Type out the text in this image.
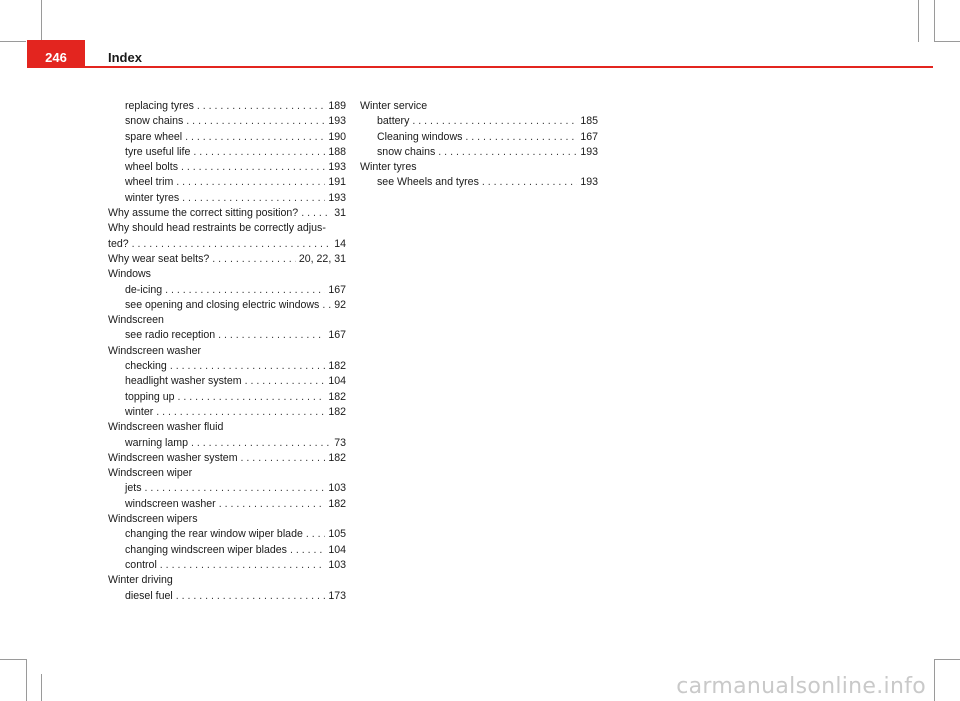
246	Index
replacing tyres . . .	189
snow chains . . .	193
spare wheel . . .	190
tyre useful life . . .	188
wheel bolts . . .	193
wheel trim . . .	191
winter tyres . . .	193
Why assume the correct sitting position? . . .	31
Why should head restraints be correctly adjus-
ted? . . .	14
Why wear seat belts? . . .	20, 22, 31
Windows
de-icing . . .	167
see opening and closing electric windows . . . 92
Windscreen
see radio reception . . .	167
Windscreen washer
checking . . .	182
headlight washer system . . .	104
topping up . . .	182
winter . . .	182
Windscreen washer fluid
warning lamp . . .	73
Windscreen washer system . . .	182
Windscreen wiper
jets . . .	103
windscreen washer . . .	182
Windscreen wipers
changing the rear window wiper blade . . . 105
changing windscreen wiper blades . . .	104
control . . .	103
Winter driving
diesel fuel . . .	173
Winter service
battery . . .	185
Cleaning windows . . .	167
snow chains . . .	193
Winter tyres
see Wheels and tyres . . .	193
carmanualsonline.info
